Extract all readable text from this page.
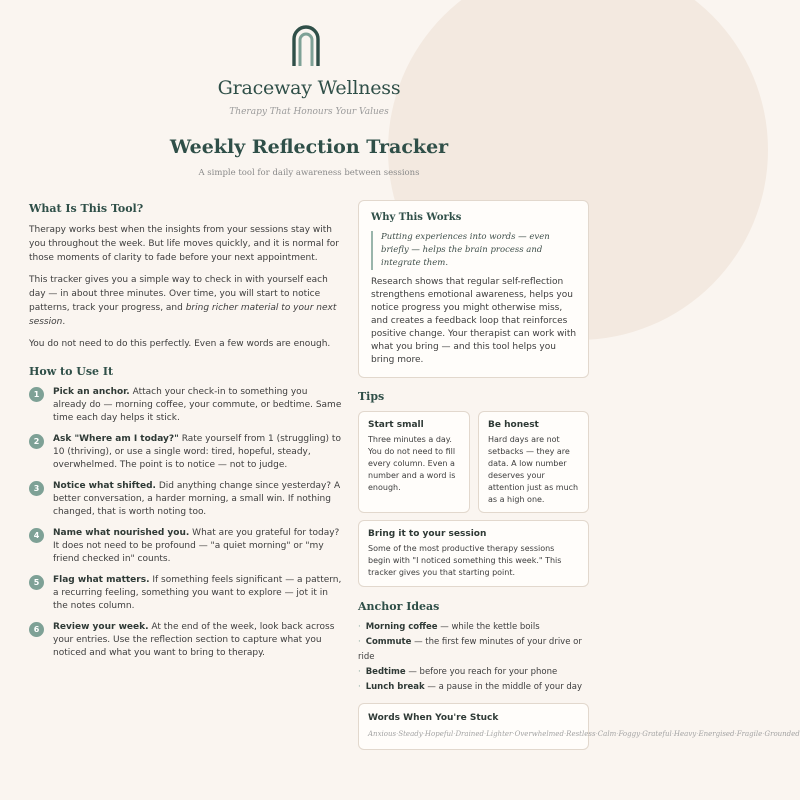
Graceway Wellness
Therapy That Honours Your Values
Weekly Reflection Tracker
A simple tool for daily awareness between sessions
What Is This Tool?

Therapy works best when the insights from your sessions stay with you throughout the week. But life moves quickly, and it is normal for those moments of clarity to fade before your next appointment.

This tracker gives you a simple way to check in with yourself each day — in about three minutes. Over time, you will start to notice patterns, track your progress, and bring richer material to your next session.

You do not need to do this perfectly. Even a few words are enough.

How to Use It
1	Pick an anchor. Attach your check-in to something you already do — morning coffee, your commute, or bedtime. Same time each day helps it stick.
2	Ask "Where am I today?" Rate yourself from 1 (struggling) to 10 (thriving), or use a single word: tired, hopeful, steady, overwhelmed. The point is to notice — not to judge.
3	Notice what shifted. Did anything change since yesterday? A better conversation, a harder morning, a small win. If nothing changed, that is worth noting too.
4	Name what nourished you. What are you grateful for today? It does not need to be profound — "a quiet morning" or "my friend checked in" counts.
5	Flag what matters. If something feels significant — a pattern, a recurring feeling, something you want to explore — jot it in the notes column.
6	Review your week. At the end of the week, look back across your entries. Use the reflection section to capture what you noticed and what you want to bring to therapy.
Why This Works
Putting experiences into words — even briefly — helps the brain process and integrate them.
Research shows that regular self-reflection strengthens emotional awareness, helps you notice progress you might otherwise miss, and creates a feedback loop that reinforces positive change. Your therapist can work with what you bring — and this tool helps you bring more.
Tips
Start small
Three minutes a day. You do not need to fill every column. Even a number and a word is enough.
Be honest
Hard days are not setbacks — they are data. A low number deserves your attention just as much as a high one.
Bring it to your session
Some of the most productive therapy sessions begin with "I noticed something this week." This tracker gives you that starting point.
Anchor Ideas
· Morning coffee — while the kettle boils
· Commute — the first few minutes of your drive or ride
· Bedtime — before you reach for your phone
· Lunch break — a pause in the middle of your day
Words When You're Stuck
Anxious·Steady·Hopeful·Drained·Lighter·Overwhelmed·Restless·Calm·Foggy·Grateful·Heavy·Energised·Fragile·Grounded
